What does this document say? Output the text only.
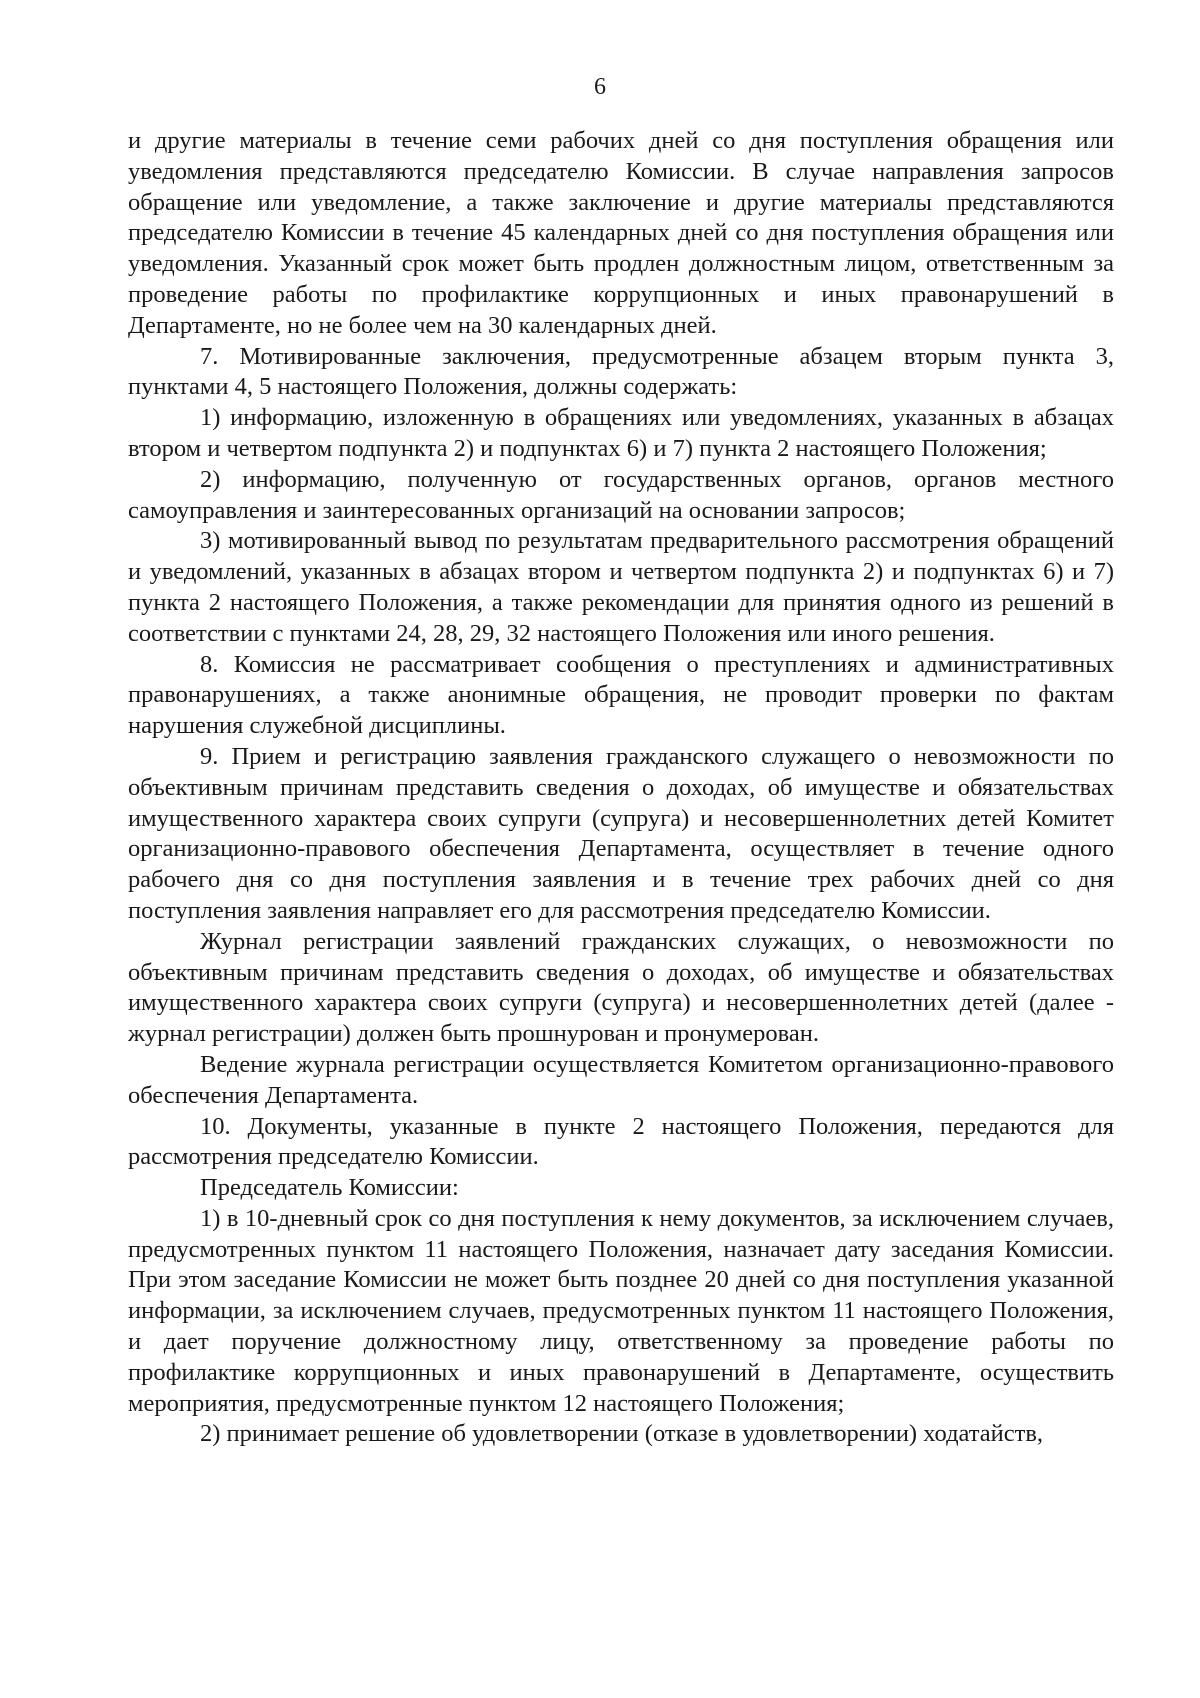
6

и другие материалы в течение семи рабочих дней со дня поступления обращения или уведомления представляются председателю Комиссии. В случае направления запросов обращение или уведомление, а также заключение и другие материалы представляются председателю Комиссии в течение 45 календарных дней со дня поступления обращения или уведомления. Указанный срок может быть продлен должностным лицом, ответственным за проведение работы по профилактике коррупционных и иных правонарушений в Департаменте, но не более чем на 30 календарных дней.

7. Мотивированные заключения, предусмотренные абзацем вторым пункта 3, пунктами 4, 5 настоящего Положения, должны содержать:

1) информацию, изложенную в обращениях или уведомлениях, указанных в абзацах втором и четвертом подпункта 2) и подпунктах 6) и 7) пункта 2 настоящего Положения;

2) информацию, полученную от государственных органов, органов местного самоуправления и заинтересованных организаций на основании запросов;

3) мотивированный вывод по результатам предварительного рассмотрения обращений и уведомлений, указанных в абзацах втором и четвертом подпункта 2) и подпунктах 6) и 7) пункта 2 настоящего Положения, а также рекомендации для принятия одного из решений в соответствии с пунктами 24, 28, 29, 32 настоящего Положения или иного решения.

8. Комиссия не рассматривает сообщения о преступлениях и административных правонарушениях, а также анонимные обращения, не проводит проверки по фактам нарушения служебной дисциплины.

9. Прием и регистрацию заявления гражданского служащего о невозможности по объективным причинам представить сведения о доходах, об имуществе и обязательствах имущественного характера своих супруги (супруга) и несовершеннолетних детей Комитет организационно-правового обеспечения Департамента, осуществляет в течение одного рабочего дня со дня поступления заявления и в течение трех рабочих дней со дня поступления заявления направляет его для рассмотрения председателю Комиссии.

Журнал регистрации заявлений гражданских служащих, о невозможности по объективным причинам представить сведения о доходах, об имуществе и обязательствах имущественного характера своих супруги (супруга) и несовершеннолетних детей (далее - журнал регистрации) должен быть прошнурован и пронумерован.

Ведение журнала регистрации осуществляется Комитетом организационно-правового обеспечения Департамента.

10. Документы, указанные в пункте 2 настоящего Положения, передаются для рассмотрения председателю Комиссии.

Председатель Комиссии:

1) в 10-дневный срок со дня поступления к нему документов, за исключением случаев, предусмотренных пунктом 11 настоящего Положения, назначает дату заседания Комиссии. При этом заседание Комиссии не может быть позднее 20 дней со дня поступления указанной информации, за исключением случаев, предусмотренных пунктом 11 настоящего Положения, и дает поручение должностному лицу, ответственному за проведение работы по профилактике коррупционных и иных правонарушений в Департаменте, осуществить мероприятия, предусмотренные пунктом 12 настоящего Положения;

2) принимает решение об удовлетворении (отказе в удовлетворении) ходатайств,
